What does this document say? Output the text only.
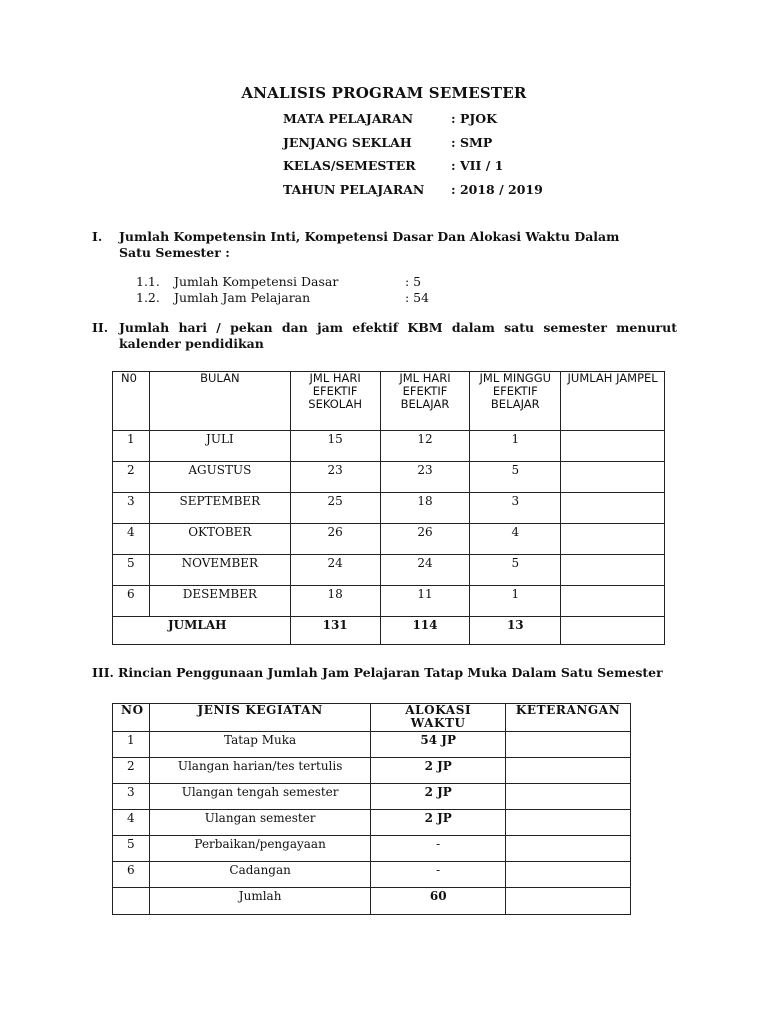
ANALISIS PROGRAM SEMESTER
MATA PELAJARAN	: PJOK
JENJANG SEKLAH	: SMP
KELAS/SEMESTER	: VII / 1
TAHUN PELAJARAN : 2018 / 2019
I. Jumlah Kompetensin Inti, Kompetensi Dasar Dan Alokasi Waktu Dalam Satu Semester :
1.1. Jumlah Kompetensi Dasar	: 5
1.2. Jumlah Jam Pelajaran	: 54
II. Jumlah hari / pekan dan jam efektif KBM dalam satu semester menurut kalender pendidikan
N0	BULAN	JML HARI EFEKTIF SEKOLAH	JML HARI EFEKTIF BELAJAR	JML MINGGU EFEKTIF BELAJAR	JUMLAH JAMPEL
1	JULI	15	12	1	
2	AGUSTUS	23	23	5	
3	SEPTEMBER	25	18	3	
4	OKTOBER	26	26	4	
5	NOVEMBER	24	24	5	
6	DESEMBER	18	11	1	
JUMLAH		131	114	13	
III. Rincian Penggunaan Jumlah Jam Pelajaran Tatap Muka Dalam Satu Semester
NO	JENIS KEGIATAN	ALOKASI WAKTU	KETERANGAN
1	Tatap Muka	54 JP	
2	Ulangan harian/tes tertulis	2 JP	
3	Ulangan tengah semester	2 JP	
4	Ulangan semester	2 JP	
5	Perbaikan/pengayaan	-	
6	Cadangan	-	
	Jumlah	60	
